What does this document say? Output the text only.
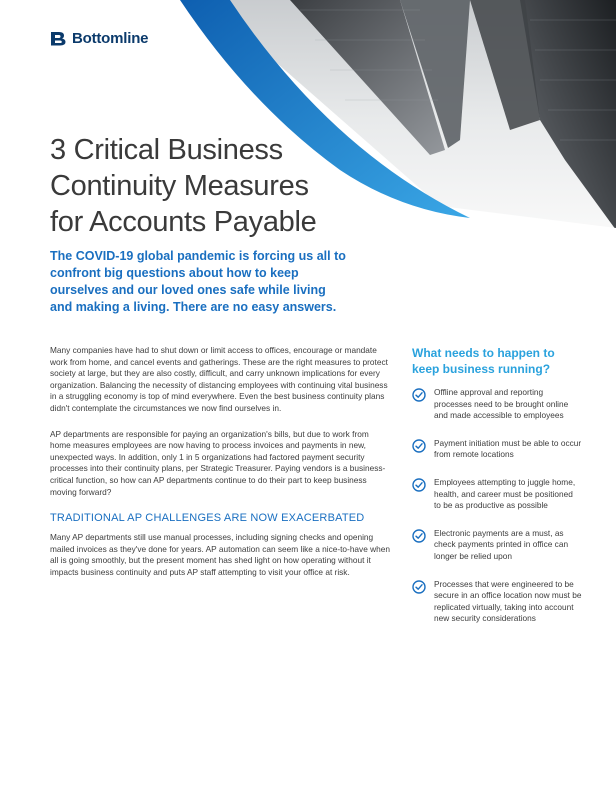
Bottomline
3 Critical Business
Continuity Measures
for Accounts Payable

The COVID-19 global pandemic is forcing us all to confront big questions about how to keep ourselves and our loved ones safe while living and making a living. There are no easy answers.

Many companies have had to shut down or limit access to offices, encourage or mandate work from home, and cancel events and gatherings. These are the right measures to protect society at large, but they are also costly, difficult, and carry unknown implications for every organization. Balancing the necessity of distancing employees with continuing vital business in a struggling economy is top of mind everywhere. Even the best business continuity plans didn't contemplate the circumstances we now find ourselves in.

AP departments are responsible for paying an organization's bills, but due to work from home measures employees are now having to process invoices and payments in new, unexpected ways. In addition, only 1 in 5 organizations had factored payment security processes into their continuity plans, per Strategic Treasurer. Paying vendors is a business-critical function, so how can AP departments continue to do their part to keep business moving forward?

TRADITIONAL AP CHALLENGES ARE NOW EXACERBATED

Many AP departments still use manual processes, including signing checks and opening mailed invoices as they've done for years. AP automation can seem like a nice-to-have when all is going smoothly, but the present moment has shed light on how operating without it impacts business continuity and puts AP staff attempting to visit your office at risk.

What needs to happen to keep business running?
Offline approval and reporting processes need to be brought online and made accessible to employees
Payment initiation must be able to occur from remote locations
Employees attempting to juggle home, health, and career must be positioned to be as productive as possible
Electronic payments are a must, as check payments printed in office can longer be relied upon
Processes that were engineered to be secure in an office location now must be replicated virtually, taking into account new security considerations
